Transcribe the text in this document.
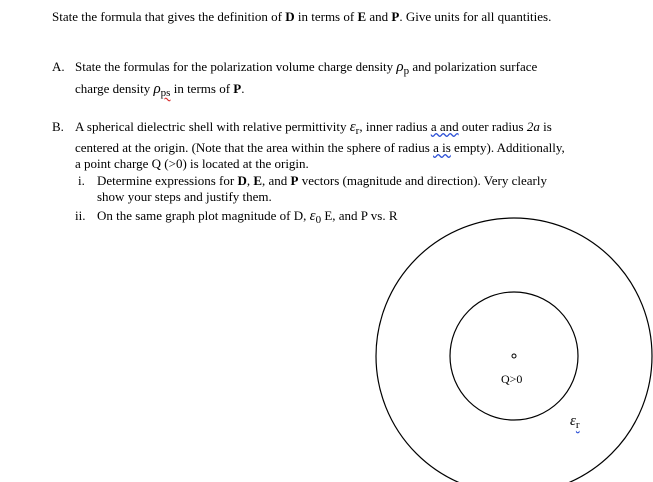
State the formula that gives the definition of D in terms of E and P. Give units for all quantities.
A. State the formulas for the polarization volume charge density $\rho_p$ and polarization surface
charge density $\rho_{ps}$ in terms of P.
B. A spherical dielectric shell with relative permittivity $\varepsilon_r$, inner radius a and outer radius 2a is
centered at the origin. (Note that the area within the sphere of radius a is empty). Additionally,
a point charge Q (>0) is located at the origin.
i. Determine expressions for D, E, and P vectors (magnitude and direction). Very clearly
show your steps and justify them.
ii. On the same graph plot magnitude of D, $\varepsilon_0$ E, and P vs. R
Q>0
εr
